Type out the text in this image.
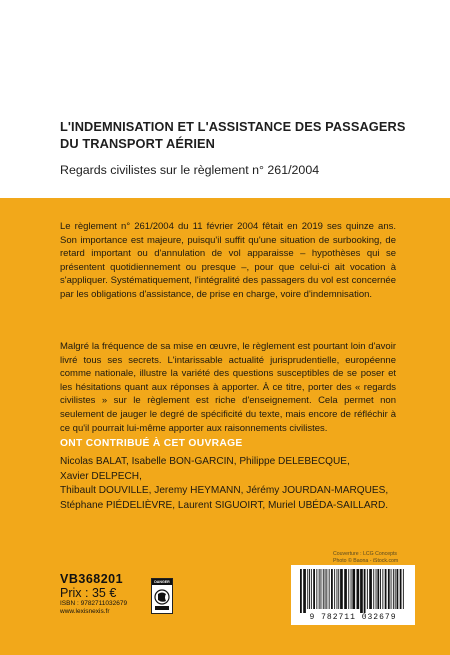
L'INDEMNISATION ET L'ASSISTANCE DES PASSAGERS DU TRANSPORT AÉRIEN

Regards civilistes sur le règlement n° 261/2004

Le règlement n° 261/2004 du 11 février 2004 fêtait en 2019 ses quinze ans. Son importance est majeure, puisqu'il suffit qu'une situation de surbooking, de retard important ou d'annulation de vol apparaisse – hypothèses qui se présentent quotidiennement ou presque –, pour que celui-ci ait vocation à s'appliquer. Systématiquement, l'intégralité des passagers du vol est concernée par les obligations d'assistance, de prise en charge, voire d'indemnisation.

Malgré la fréquence de sa mise en œuvre, le règlement est pourtant loin d'avoir livré tous ses secrets. L'intarissable actualité jurisprudentielle, européenne comme nationale, illustre la variété des questions susceptibles de se poser et les hésitations quant aux réponses à apporter. À ce titre, porter des « regards civilistes » sur le règlement est riche d'enseignement. Cela permet non seulement de jauger le degré de spécificité du texte, mais encore de réfléchir à ce qu'il pourrait lui-même apporter aux raisonnements civilistes.

ONT CONTRIBUÉ À CET OUVRAGE

Nicolas BALAT, Isabelle BON-GARCIN, Philippe DELEBECQUE, Xavier DELPECH,
Thibault DOUVILLE, Jeremy HEYMANN, Jérémy JOURDAN-MARQUES,
Stéphane PIÉDELIÈVRE, Laurent SIGUOIRT, Muriel UBÉDA-SAILLARD.

Couverture : LCG Concepts
Photo © Baona - iStock.com
9 782711 032679
VB368201
Prix : 35 €
ISBN : 9782711032679
www.lexisnexis.fr
DANGER
